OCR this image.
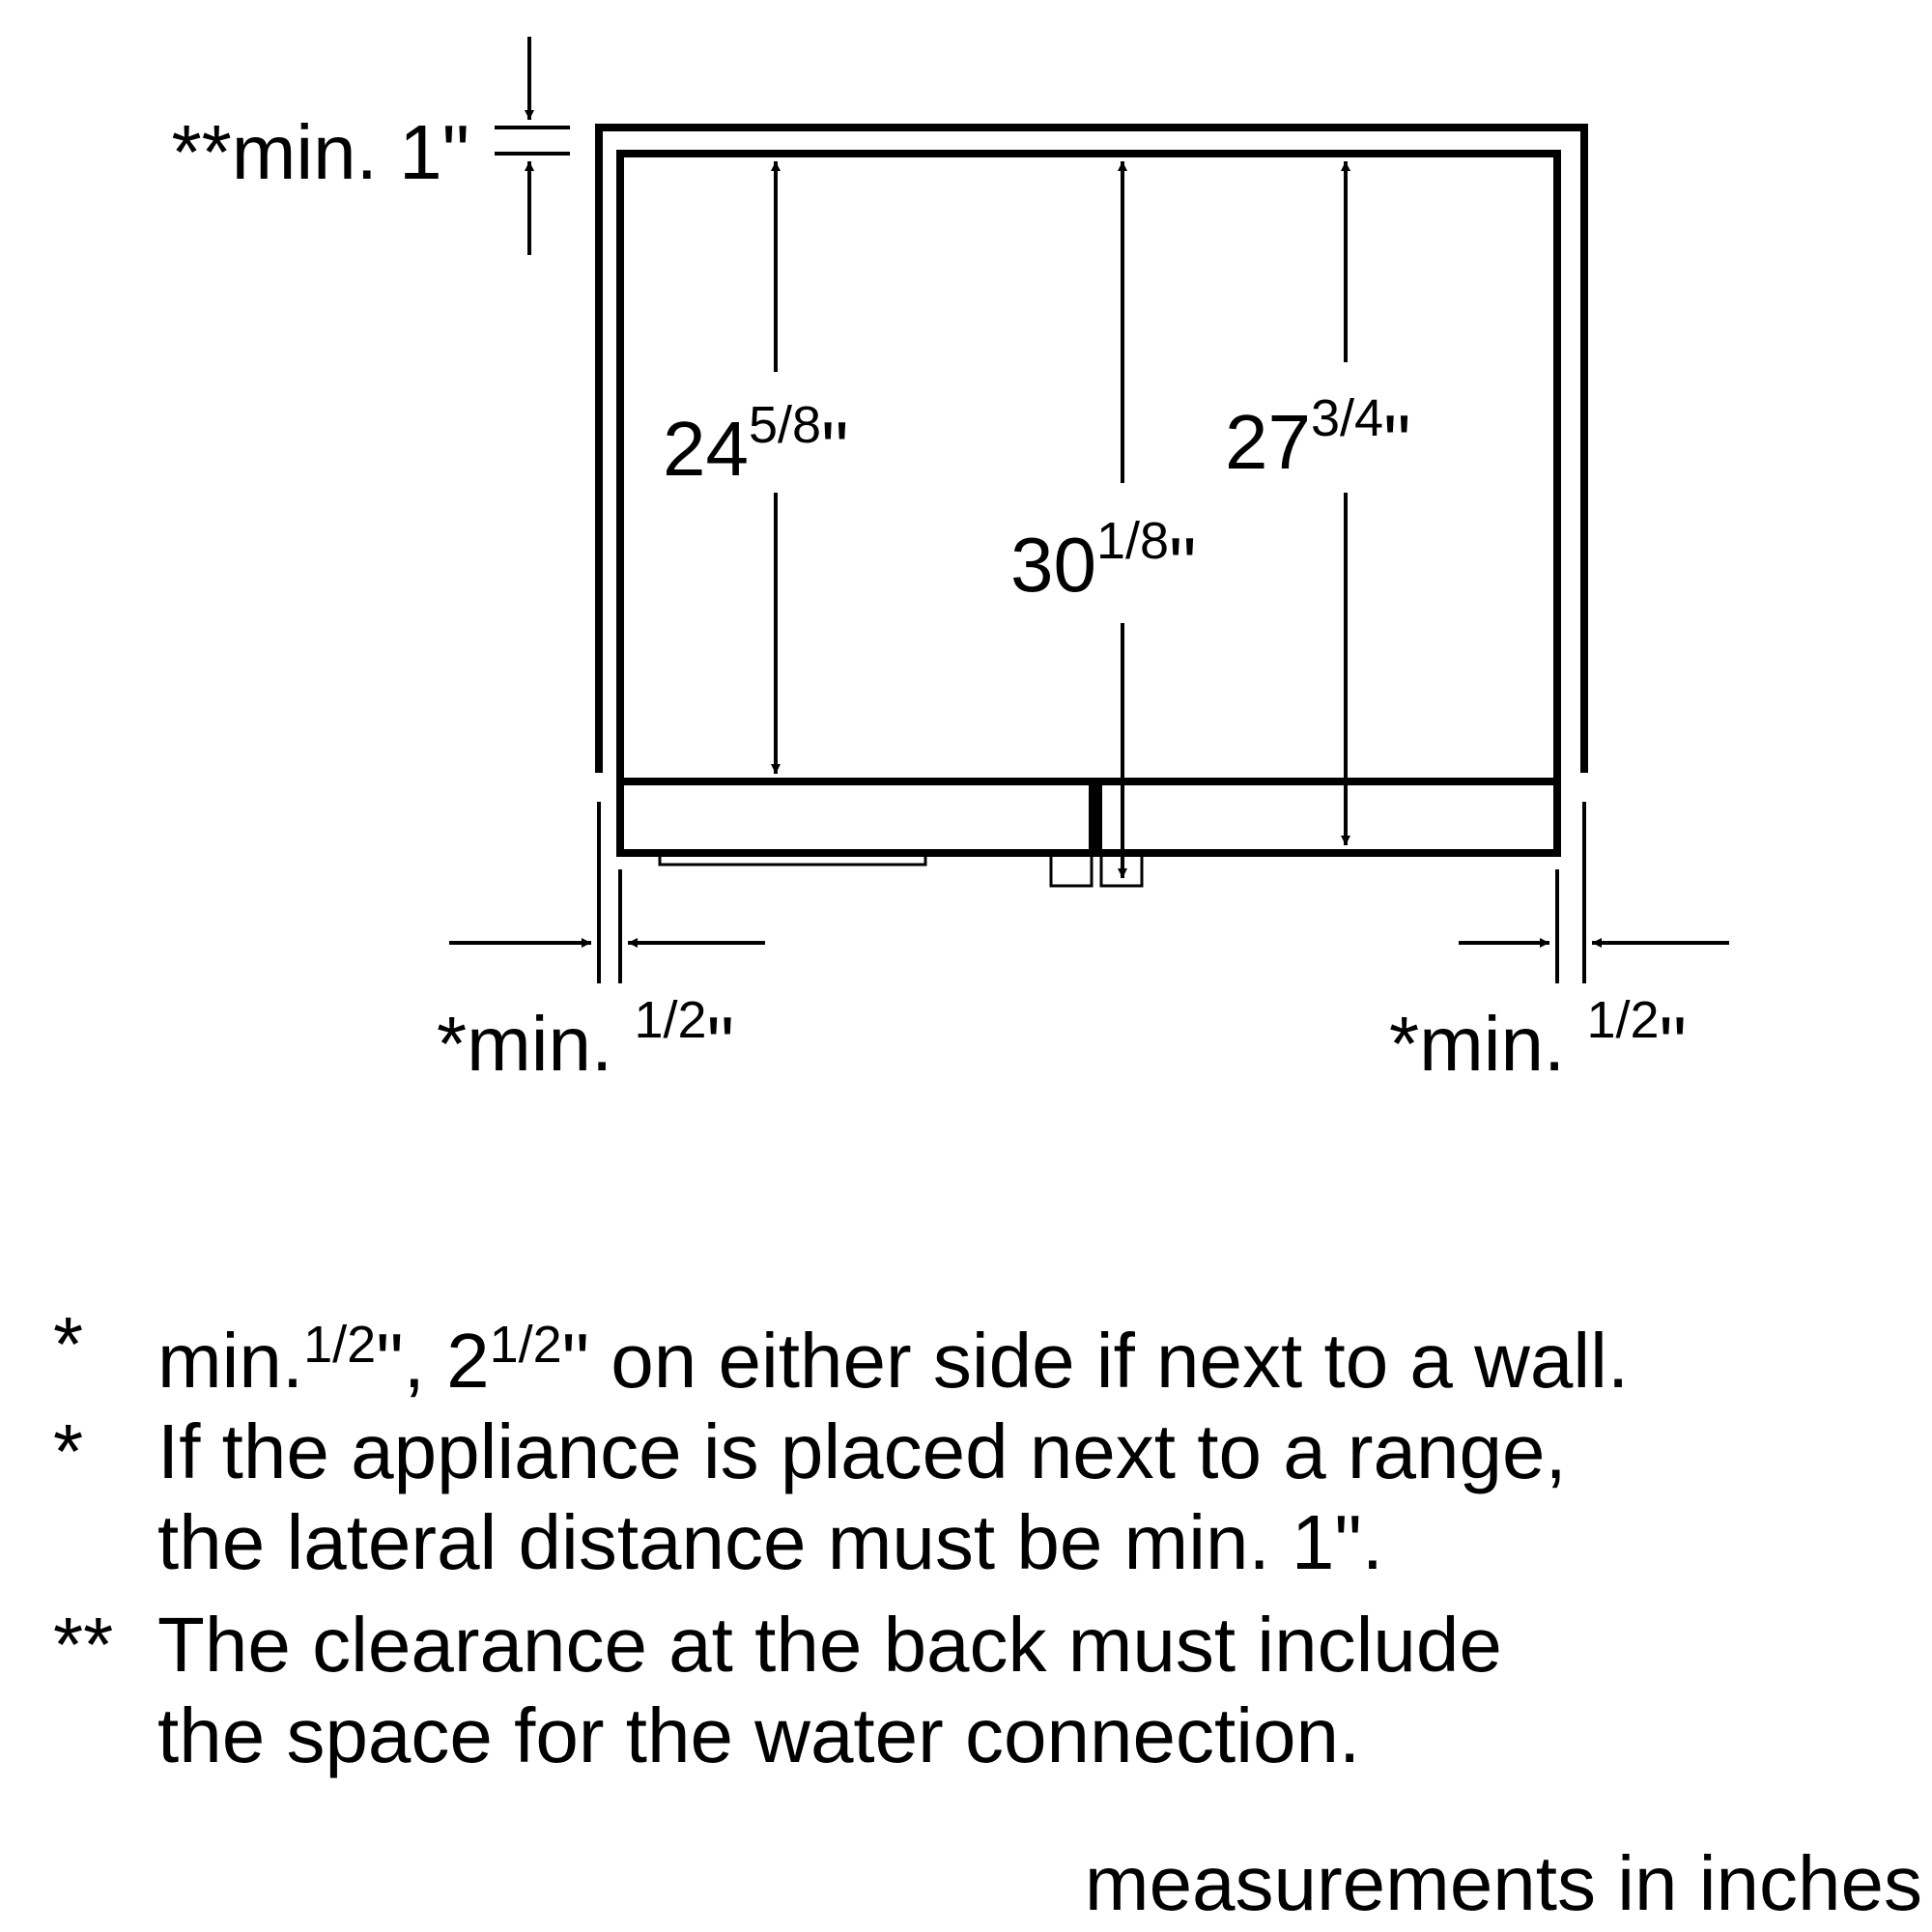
**min. 1"
245/8"
301/8"
273/4"
*min. 1/2"	*min. 1/2"
* min.$^{1/2}$", $2^{1/2}$" on either side if next to a wall.
* If the appliance is placed next to a range,
the lateral distance must be min. 1".
** The clearance at the back must include
the space for the water connection.
measurements in inches
